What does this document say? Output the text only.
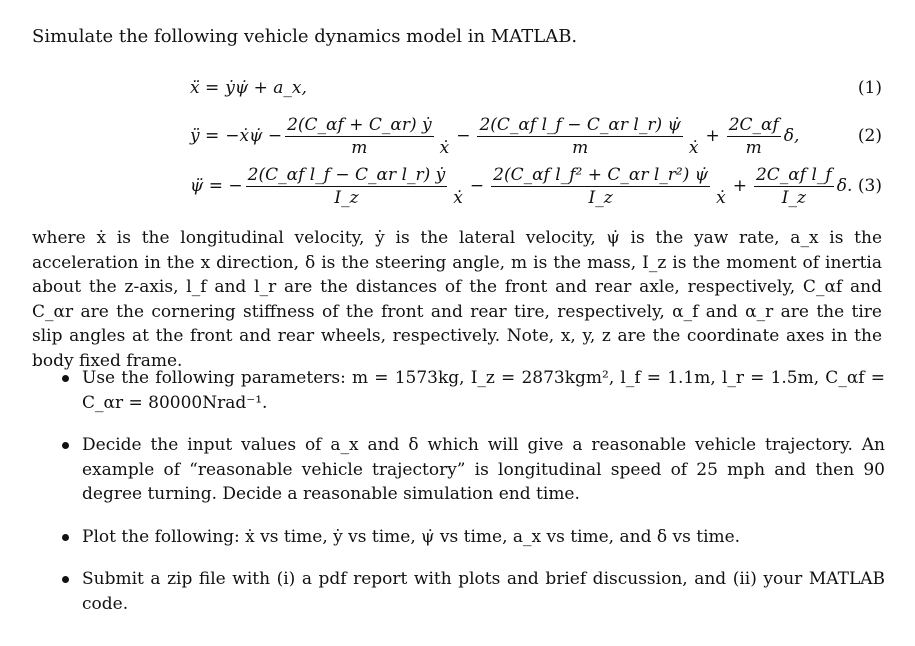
Simulate the following vehicle dynamics model in MATLAB.

ẍ = ẏψ̇ + a_x,	(1)
ÿ = −ẋψ̇ − $\frac{\text{2(C\_αf + C\_αr) ẏ}}{m}$
ẋ
− $\frac{\text{2(C\_αf l\_f − C\_αr l\_r) ψ̇}}{m}$
ẋ
+ $\frac{2C\_\alpha f}{m} \delta$,	(2)
ψ̈ = − $\frac{\text{2(C\_αf l\_f − C\_αr l\_r) ẏ}}{I\_z}$
ẋ
− $\frac{\text{2(C\_αf l\_f² + C\_αr l\_r²) ψ̇}}{I\_z}$
ẋ
+ $\frac{\text{2C\_αf l\_f}}{I\_z} \delta$. (3)

where ẋ is the longitudinal velocity, ẏ is the lateral velocity, ψ̇ is the yaw rate, a_x is the acceleration in the x direction, δ is the steering angle, m is the mass, I_z is the moment of inertia about the z-axis, l_f and l_r are the distances of the front and rear axle, respectively, C_αf and C_αr are the cornering stiffness of the front and rear tire, respectively, α_f and α_r are the tire slip angles at the front and rear wheels, respectively. Note, x, y, z are the coordinate axes in the body fixed frame.

Use the following parameters: m = 1573kg, I_z = 2873kgm², l_f = 1.1m, l_r = 1.5m, C_αf = C_αr = 80000Nrad⁻¹.
Decide the input values of a_x and δ which will give a reasonable vehicle trajectory. An example of “reasonable vehicle trajectory” is longitudinal speed of 25 mph and then 90 degree turning. Decide a reasonable simulation end time.
Plot the following: ẋ vs time, ẏ vs time, ψ̇ vs time, a_x vs time, and δ vs time.
Submit a zip file with (i) a pdf report with plots and brief discussion, and (ii) your MATLAB code.
